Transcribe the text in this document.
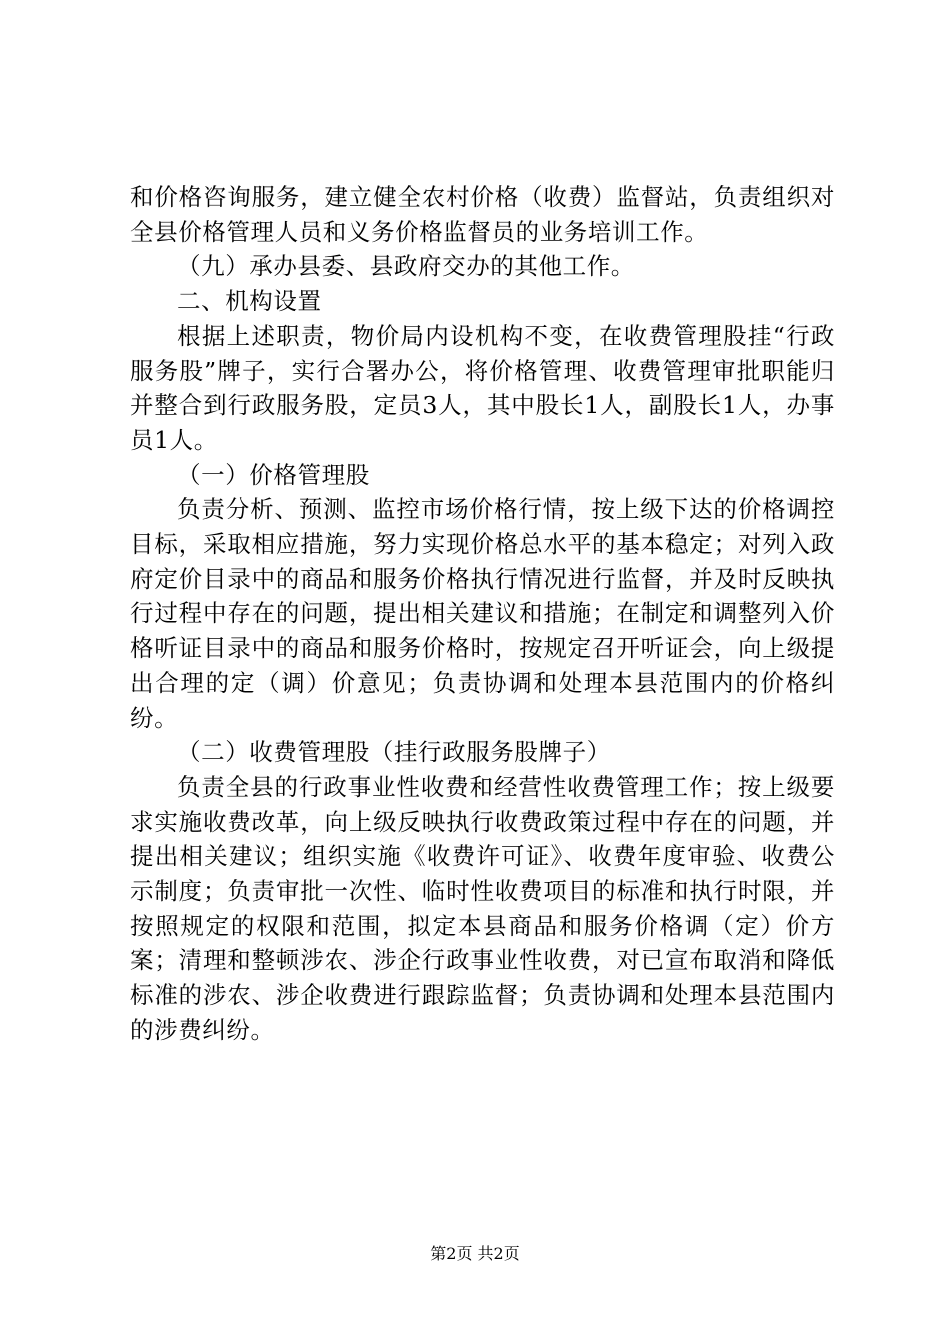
和价格咨询服务，建立健全农村价格（收费）监督站，负责组织对全县价格管理人员和义务价格监督员的业务培训工作。

（九）承办县委、县政府交办的其他工作。

二、机构设置

根据上述职责，物价局内设机构不变，在收费管理股挂“行政服务股”牌子，实行合署办公，将价格管理、收费管理审批职能归并整合到行政服务股，定员3人，其中股长1人，副股长1人，办事员1人。

（一）价格管理股

负责分析、预测、监控市场价格行情，按上级下达的价格调控目标，采取相应措施，努力实现价格总水平的基本稳定；对列入政府定价目录中的商品和服务价格执行情况进行监督，并及时反映执行过程中存在的问题，提出相关建议和措施；在制定和调整列入价格听证目录中的商品和服务价格时，按规定召开听证会，向上级提出合理的定（调）价意见；负责协调和处理本县范围内的价格纠纷。

（二）收费管理股（挂行政服务股牌子）

负责全县的行政事业性收费和经营性收费管理工作；按上级要求实施收费改革，向上级反映执行收费政策过程中存在的问题，并提出相关建议；组织实施《收费许可证》、收费年度审验、收费公示制度；负责审批一次性、临时性收费项目的标准和执行时限，并按照规定的权限和范围，拟定本县商品和服务价格调（定）价方案；清理和整顿涉农、涉企行政事业性收费，对已宣布取消和降低标准的涉农、涉企收费进行跟踪监督；负责协调和处理本县范围内的涉费纠纷。

第2页 共2页
